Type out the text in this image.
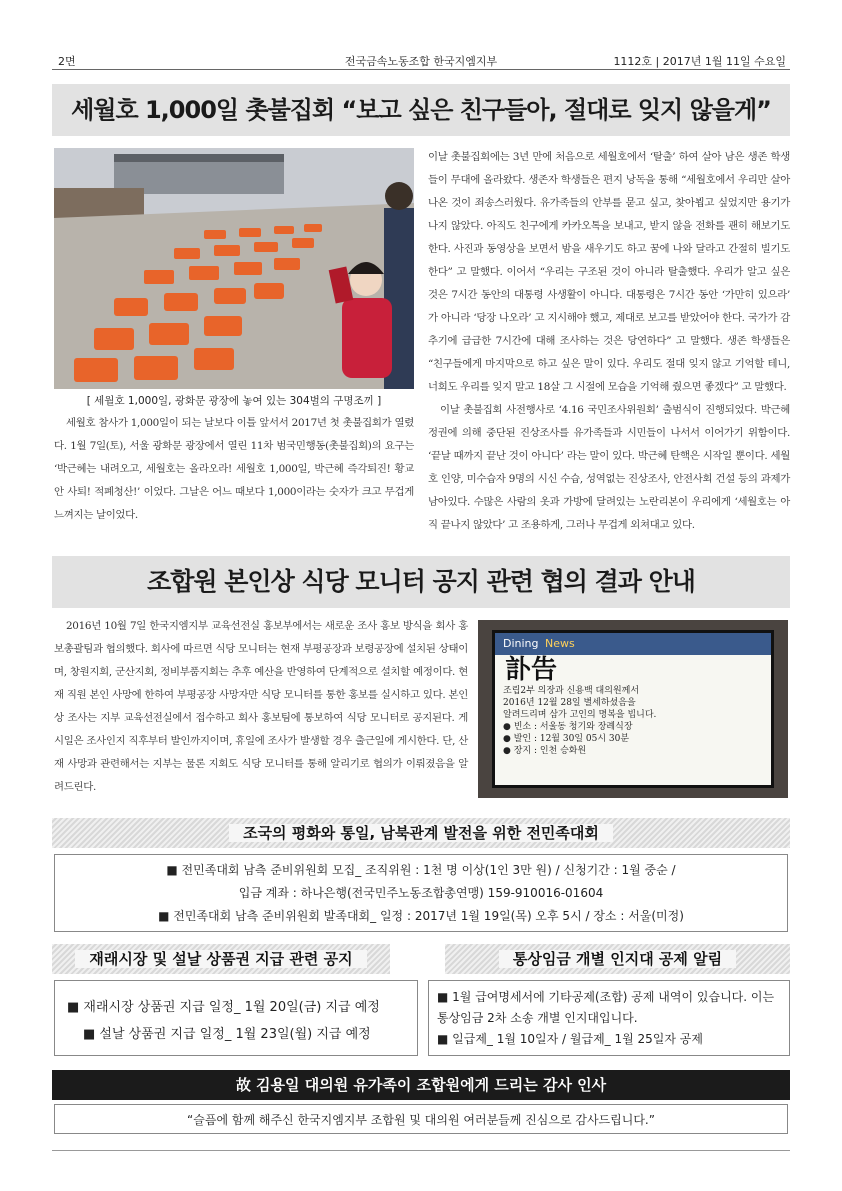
2면	전국금속노동조합 한국지엠지부	1112호 | 2017년 1월 11일 수요일
세월호 1,000일 촛불집회 “보고 싶은 친구들아, 절대로 잊지 않을게”
[ 세월호 1,000일, 광화문 광장에 놓여 있는 304벌의 구명조끼 ]

세월호 참사가 1,000일이 되는 날보다 이틀 앞서서 2017년 첫 촛불집회가 열렸다. 1월 7일(토), 서울 광화문 광장에서 열린 11차 범국민행동(촛불집회)의 요구는 ‘박근혜는 내려오고, 세월호는 올라오라! 세월호 1,000일, 박근혜 즉각퇴진! 황교안 사퇴! 적폐청산!’ 이었다. 그날은 어느 때보다 1,000이라는 숫자가 크고 무겁게 느껴지는 날이었다.

이날 촛불집회에는 3년 만에 처음으로 세월호에서 ‘탈출’ 하여 살아 남은 생존 학생들이 무대에 올라왔다. 생존자 학생들은 편지 낭독을 통해 “세월호에서 우리만 살아나온 것이 죄송스러웠다. 유가족들의 안부를 묻고 싶고, 찾아뵙고 싶었지만 용기가 나지 않았다. 아직도 친구에게 카카오톡을 보내고, 받지 않을 전화를 괜히 해보기도 한다. 사진과 동영상을 보면서 밤을 새우기도 하고 꿈에 나와 달라고 간절히 빌기도 한다” 고 말했다. 이어서 “우리는 구조된 것이 아니라 탈출했다. 우리가 알고 싶은 것은 7시간 동안의 대통령 사생활이 아니다. 대통령은 7시간 동안 ‘가만히 있으라’ 가 아니라 ‘당장 나오라’ 고 지시해야 했고, 제대로 보고를 받았어야 한다. 국가가 감추기에 급급한 7시간에 대해 조사하는 것은 당연하다” 고 말했다. 생존 학생들은 “친구들에게 마지막으로 하고 싶은 말이 있다. 우리도 절대 잊지 않고 기억할 테니, 너희도 우리를 잊지 말고 18살 그 시절에 모습을 기억해 줬으면 좋겠다” 고 말했다.

이날 촛불집회 사전행사로 ‘4.16 국민조사위원회’ 출범식이 진행되었다. 박근혜 정권에 의해 중단된 진상조사를 유가족들과 시민들이 나서서 이어가기 위함이다. ‘끝날 때까지 끝난 것이 아니다’ 라는 말이 있다. 박근혜 탄핵은 시작일 뿐이다. 세월호 인양, 미수습자 9명의 시신 수습, 성역없는 진상조사, 안전사회 건설 등의 과제가 남아있다. 수많은 사람의 옷과 가방에 달려있는 노란리본이 우리에게 ‘세월호는 아직 끝나지 않았다’ 고 조용하게, 그러나 무겁게 외쳐대고 있다.

조합원 본인상 식당 모니터 공지 관련 협의 결과 안내

2016년 10월 7일 한국지엠지부 교육선전실 홍보부에서는 새로운 조사 홍보 방식을 회사 홍보총괄팀과 협의했다. 회사에 따르면 식당 모니터는 현재 부평공장과 보령공장에 설치된 상태이며, 창원지회, 군산지회, 정비부품지회는 추후 예산을 반영하여 단계적으로 설치할 예정이다. 현재 직원 본인 사망에 한하여 부평공장 사망자만 식당 모니터를 통한 홍보를 실시하고 있다. 본인상 조사는 지부 교육선전실에서 접수하고 회사 홍보팀에 통보하여 식당 모니터로 공지된다. 게시일은 조사인지 직후부터 발인까지이며, 휴일에 조사가 발생할 경우 출근일에 게시한다. 단, 산재 사망과 관련해서는 지부는 물론 지회도 식당 모니터를 통해 알리기로 협의가 이뤄졌음을 알려드린다.

Dining News
訃告
조립2부 의장과 신용백 대의원께서
2016년 12월 28일 별세하셨음을
알려드리며 삼가 고인의 명복을 빕니다.
● 빈소 : 서울동 청기와 장례식장
● 발인 : 12월 30일 05시 30분
● 장지 : 인천 승화원
조국의 평화와 통일, 남북관계 발전을 위한 전민족대회
■ 전민족대회 남측 준비위원회 모집_ 조직위원 : 1천 명 이상(1인 3만 원) / 신청기간 : 1월 중순 /
입금 계좌 : 하나은행(전국민주노동조합총연맹) 159-910016-01604
■ 전민족대회 남측 준비위원회 발족대회_ 일정 : 2017년 1월 19일(목) 오후 5시 / 장소 : 서울(미정)
재래시장 및 설날 상품권 지급 관련 공지
■ 재래시장 상품권 지급 일정_ 1월 20일(금) 지급 예정
■ 설날 상품권 지급 일정_ 1월 23일(월) 지급 예정
통상임금 개별 인지대 공제 알림
■ 1월 급여명세서에 기타공제(조합) 공제 내역이 있습니다. 이는 통상임금 2차 소송 개별 인지대입니다.
■ 일급제_ 1월 10일자 / 월급제_ 1월 25일자 공제
故 김용일 대의원 유가족이 조합원에게 드리는 감사 인사
“슬픔에 함께 해주신 한국지엠지부 조합원 및 대의원 여러분들께 진심으로 감사드립니다.”
